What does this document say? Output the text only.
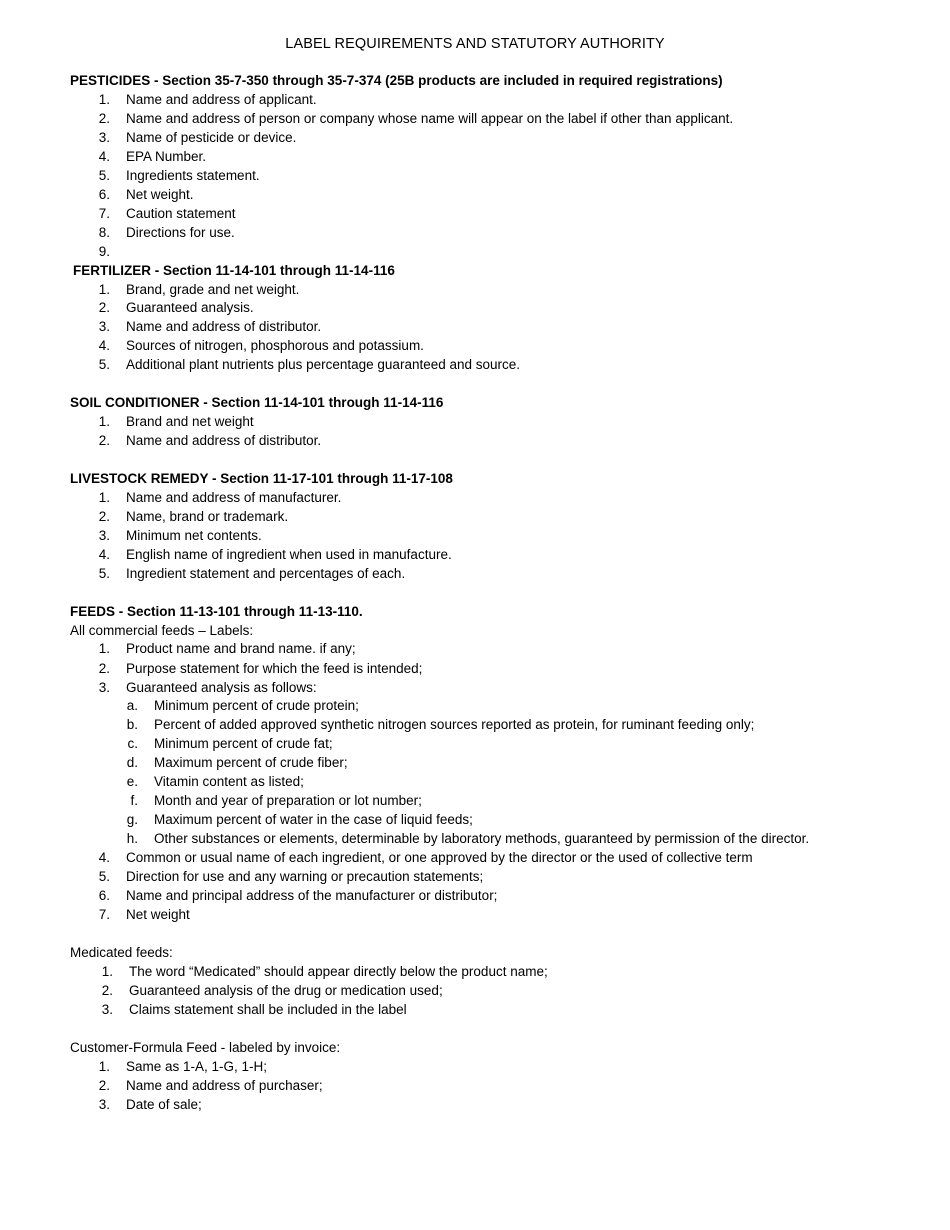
LABEL REQUIREMENTS AND STATUTORY AUTHORITY
PESTICIDES - Section 35-7-350 through 35-7-374 (25B products are included in required registrations)
1. Name and address of applicant.
2. Name and address of person or company whose name will appear on the label if other than applicant.
3. Name of pesticide or device.
4. EPA Number.
5. Ingredients statement.
6. Net weight.
7. Caution statement
8. Directions for use.
9.
FERTILIZER - Section 11-14-101 through 11-14-116
1. Brand, grade and net weight.
2. Guaranteed analysis.
3. Name and address of distributor.
4. Sources of nitrogen, phosphorous and potassium.
5. Additional plant nutrients plus percentage guaranteed and source.
SOIL CONDITIONER - Section 11-14-101 through 11-14-116
1. Brand and net weight
2. Name and address of distributor.
LIVESTOCK REMEDY - Section 11-17-101 through 11-17-108
1. Name and address of manufacturer.
2. Name, brand or trademark.
3. Minimum net contents.
4. English name of ingredient when used in manufacture.
5. Ingredient statement and percentages of each.
FEEDS - Section 11-13-101 through 11-13-110.
All commercial feeds – Labels:
1. Product name and brand name. if any;
2. Purpose statement for which the feed is intended;
3. Guaranteed analysis as follows:
a. Minimum percent of crude protein;
b. Percent of added approved synthetic nitrogen sources reported as protein, for ruminant feeding only;
c. Minimum percent of crude fat;
d. Maximum percent of crude fiber;
e. Vitamin content as listed;
f. Month and year of preparation or lot number;
g. Maximum percent of water in the case of liquid feeds;
h. Other substances or elements, determinable by laboratory methods, guaranteed by permission of the director.
4. Common or usual name of each ingredient, or one approved by the director or the used of collective term
5. Direction for use and any warning or precaution statements;
6. Name and principal address of the manufacturer or distributor;
7. Net weight
Medicated feeds:
1. The word “Medicated” should appear directly below the product name;
2. Guaranteed analysis of the drug or medication used;
3. Claims statement shall be included in the label
Customer-Formula Feed - labeled by invoice:
1. Same as 1-A, 1-G, 1-H;
2. Name and address of purchaser;
3. Date of sale;
